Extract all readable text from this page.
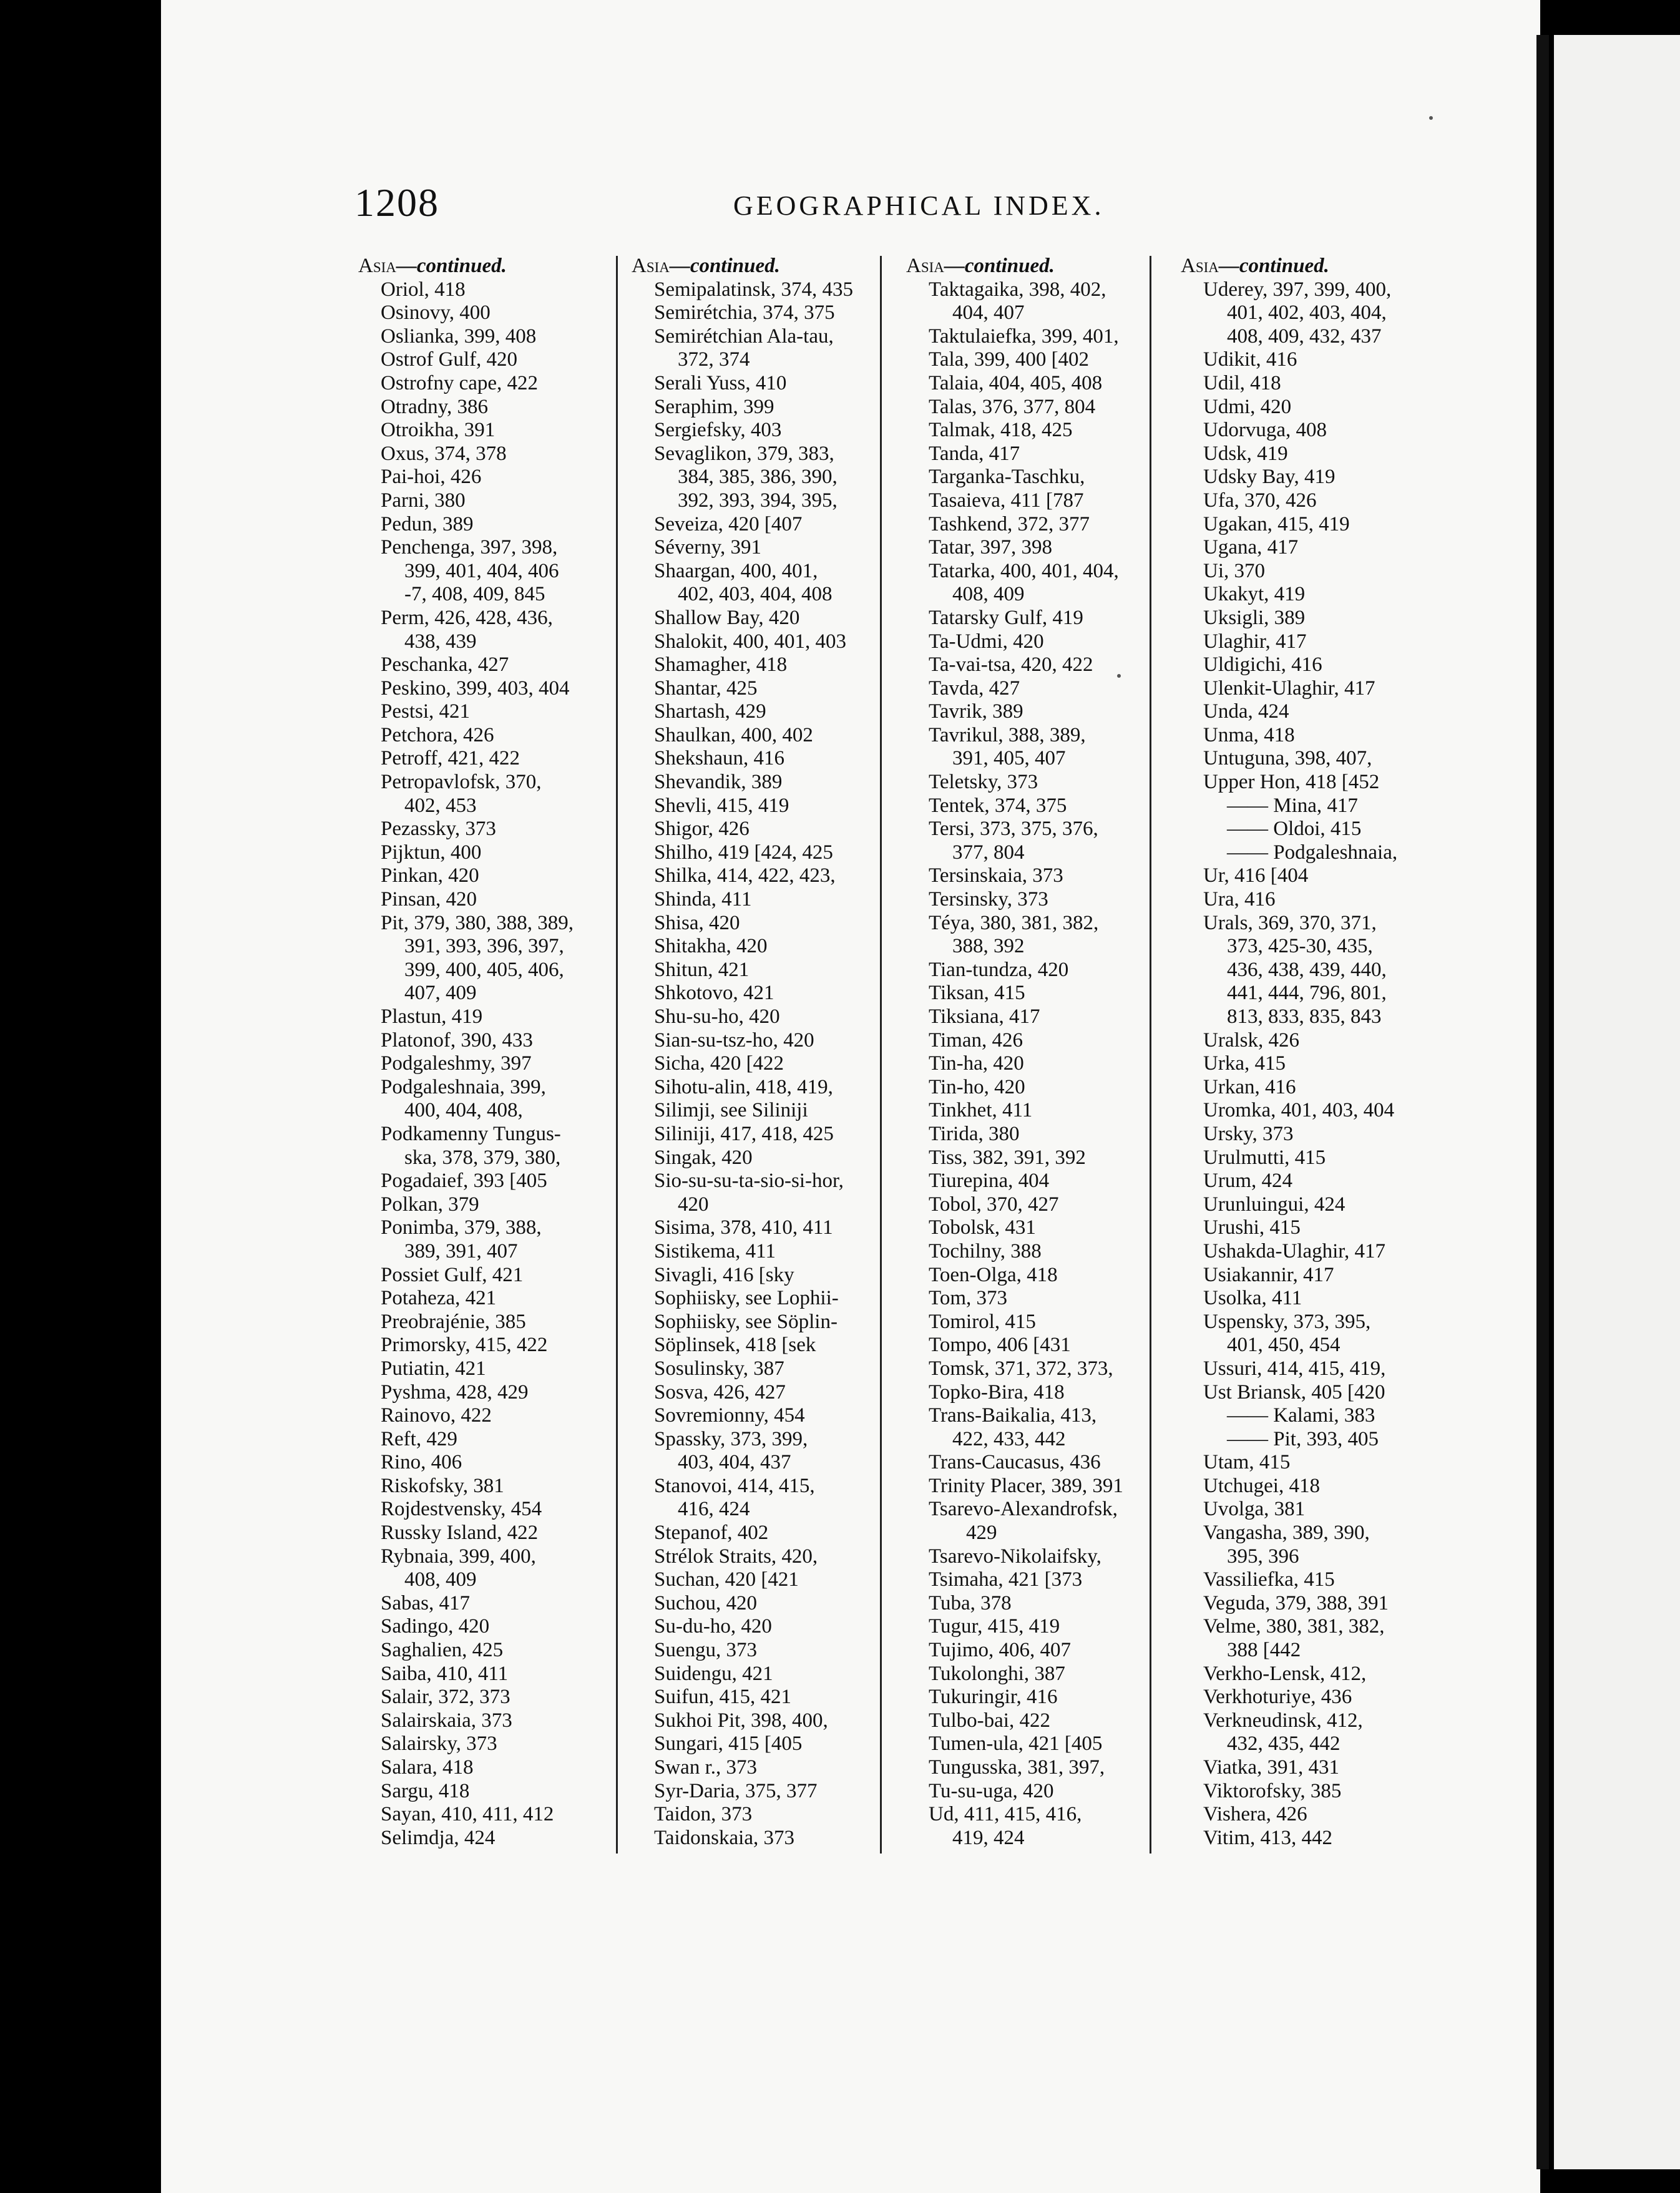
1208	GEOGRAPHICAL INDEX.
Asia—continued.
Oriol, 418
Osinovy, 400
Oslianka, 399, 408
Ostrof Gulf, 420
Ostrofny cape, 422
Otradny, 386
Otroikha, 391
Oxus, 374, 378
Pai-hoi, 426
Parni, 380
Pedun, 389
Penchenga, 397, 398,
399, 401, 404, 406
-7, 408, 409, 845
Perm, 426, 428, 436,
438, 439
Peschanka, 427
Peskino, 399, 403, 404
Pestsi, 421
Petchora, 426
Petroff, 421, 422
Petropavlofsk, 370,
402, 453
Pezassky, 373
Pijktun, 400
Pinkan, 420
Pinsan, 420
Pit, 379, 380, 388, 389,
391, 393, 396, 397,
399, 400, 405, 406,
407, 409
Plastun, 419
Platonof, 390, 433
Podgaleshmy, 397
Podgaleshnaia, 399,
400, 404, 408,
Podkamenny Tungus-
ska, 378, 379, 380,
Pogadaief, 393 [405
Polkan, 379
Ponimba, 379, 388,
389, 391, 407
Possiet Gulf, 421
Potaheza, 421
Preobrajénie, 385
Primorsky, 415, 422
Putiatin, 421
Pyshma, 428, 429
Rainovo, 422
Reft, 429
Rino, 406
Riskofsky, 381
Rojdestvensky, 454
Russky Island, 422
Rybnaia, 399, 400,
408, 409
Sabas, 417
Sadingo, 420
Saghalien, 425
Saiba, 410, 411
Salair, 372, 373
Salairskaia, 373
Salairsky, 373
Salara, 418
Sargu, 418
Sayan, 410, 411, 412
Selimdja, 424
Asia—continued.
Semipalatinsk, 374, 435
Semirétchia, 374, 375
Semirétchian Ala-tau,
372, 374
Serali Yuss, 410
Seraphim, 399
Sergiefsky, 403
Sevaglikon, 379, 383,
384, 385, 386, 390,
392, 393, 394, 395,
Seveiza, 420 [407
Séverny, 391
Shaargan, 400, 401,
402, 403, 404, 408
Shallow Bay, 420
Shalokit, 400, 401, 403
Shamagher, 418
Shantar, 425
Shartash, 429
Shaulkan, 400, 402
Shekshaun, 416
Shevandik, 389
Shevli, 415, 419
Shigor, 426
Shilho, 419 [424, 425
Shilka, 414, 422, 423,
Shinda, 411
Shisa, 420
Shitakha, 420
Shitun, 421
Shkotovo, 421
Shu-su-ho, 420
Sian-su-tsz-ho, 420
Sicha, 420 [422
Sihotu-alin, 418, 419,
Silimji, see Siliniji
Siliniji, 417, 418, 425
Singak, 420
Sio-su-su-ta-sio-si-hor,
420
Sisima, 378, 410, 411
Sistikema, 411
Sivagli, 416 [sky
Sophiisky, see Lophii-
Sophiisky, see Söplin-
Söplinsek, 418 [sek
Sosulinsky, 387
Sosva, 426, 427
Sovremionny, 454
Spassky, 373, 399,
403, 404, 437
Stanovoi, 414, 415,
416, 424
Stepanof, 402
Strélok Straits, 420,
Suchan, 420 [421
Suchou, 420
Su-du-ho, 420
Suengu, 373
Suidengu, 421
Suifun, 415, 421
Sukhoi Pit, 398, 400,
Sungari, 415 [405
Swan r., 373
Syr-Daria, 375, 377
Taidon, 373
Taidonskaia, 373
Asia—continued.
Taktagaika, 398, 402,
404, 407
Taktulaiefka, 399, 401,
Tala, 399, 400 [402
Talaia, 404, 405, 408
Talas, 376, 377, 804
Talmak, 418, 425
Tanda, 417
Targanka-Taschku,
Tasaieva, 411 [787
Tashkend, 372, 377
Tatar, 397, 398
Tatarka, 400, 401, 404,
408, 409
Tatarsky Gulf, 419
Ta-Udmi, 420
Ta-vai-tsa, 420, 422
Tavda, 427
Tavrik, 389
Tavrikul, 388, 389,
391, 405, 407
Teletsky, 373
Tentek, 374, 375
Tersi, 373, 375, 376,
377, 804
Tersinskaia, 373
Tersinsky, 373
Téya, 380, 381, 382,
388, 392
Tian-tundza, 420
Tiksan, 415
Tiksiana, 417
Timan, 426
Tin-ha, 420
Tin-ho, 420
Tinkhet, 411
Tirida, 380
Tiss, 382, 391, 392
Tiurepina, 404
Tobol, 370, 427
Tobolsk, 431
Tochilny, 388
Toen-Olga, 418
Tom, 373
Tomirol, 415
Tompo, 406 [431
Tomsk, 371, 372, 373,
Topko-Bira, 418
Trans-Baikalia, 413,
422, 433, 442
Trans-Caucasus, 436
Trinity Placer, 389, 391
Tsarevo-Alexandrofsk,
429
Tsarevo-Nikolaifsky,
Tsimaha, 421 [373
Tuba, 378
Tugur, 415, 419
Tujimo, 406, 407
Tukolonghi, 387
Tukuringir, 416
Tulbo-bai, 422
Tumen-ula, 421 [405
Tungusska, 381, 397,
Tu-su-uga, 420
Ud, 411, 415, 416,
419, 424
Asia—continued.
Uderey, 397, 399, 400,
401, 402, 403, 404,
408, 409, 432, 437
Udikit, 416
Udil, 418
Udmi, 420
Udorvuga, 408
Udsk, 419
Udsky Bay, 419
Ufa, 370, 426
Ugakan, 415, 419
Ugana, 417
Ui, 370
Ukakyt, 419
Uksigli, 389
Ulaghir, 417
Uldigichi, 416
Ulenkit-Ulaghir, 417
Unda, 424
Unma, 418
Untuguna, 398, 407,
Upper Hon, 418 [452
—— Mina, 417
—— Oldoi, 415
—— Podgaleshnaia,
Ur, 416 [404
Ura, 416
Urals, 369, 370, 371,
373, 425-30, 435,
436, 438, 439, 440,
441, 444, 796, 801,
813, 833, 835, 843
Uralsk, 426
Urka, 415
Urkan, 416
Uromka, 401, 403, 404
Ursky, 373
Urulmutti, 415
Urum, 424
Urunluingui, 424
Urushi, 415
Ushakda-Ulaghir, 417
Usiakannir, 417
Usolka, 411
Uspensky, 373, 395,
401, 450, 454
Ussuri, 414, 415, 419,
Ust Briansk, 405 [420
—— Kalami, 383
—— Pit, 393, 405
Utam, 415
Utchugei, 418
Uvolga, 381
Vangasha, 389, 390,
395, 396
Vassiliefka, 415
Veguda, 379, 388, 391
Velme, 380, 381, 382,
388 [442
Verkho-Lensk, 412,
Verkhoturiye, 436
Verkneudinsk, 412,
432, 435, 442
Viatka, 391, 431
Viktorofsky, 385
Vishera, 426
Vitim, 413, 442
